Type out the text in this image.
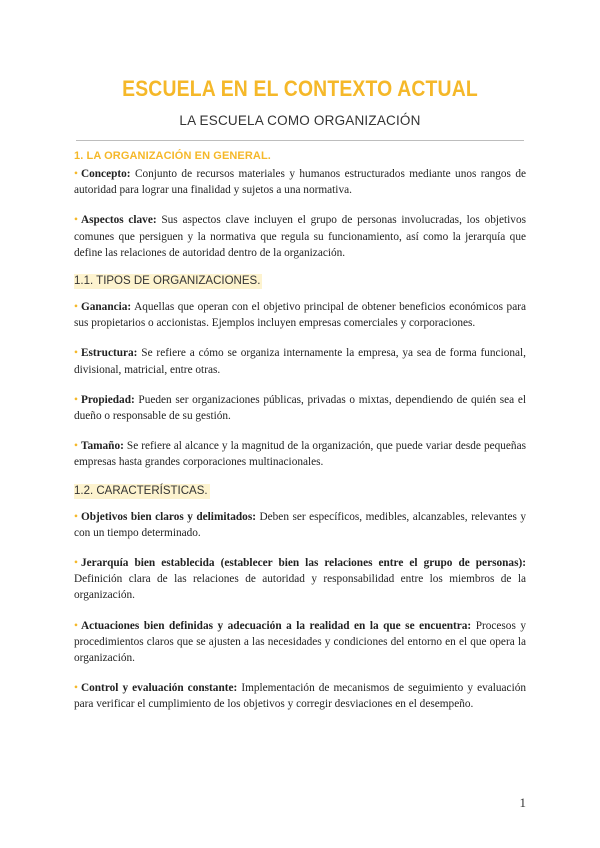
ESCUELA EN EL CONTEXTO ACTUAL
LA ESCUELA COMO ORGANIZACIÓN
1. LA ORGANIZACIÓN EN GENERAL.

• Concepto: Conjunto de recursos materiales y humanos estructurados mediante unos rangos de autoridad para lograr una finalidad y sujetos a una normativa.

• Aspectos clave: Sus aspectos clave incluyen el grupo de personas involucradas, los objetivos comunes que persiguen y la normativa que regula su funcionamiento, así como la jerarquía que define las relaciones de autoridad dentro de la organización.

1.1. TIPOS DE ORGANIZACIONES.

• Ganancia: Aquellas que operan con el objetivo principal de obtener beneficios económicos para sus propietarios o accionistas. Ejemplos incluyen empresas comerciales y corporaciones.

• Estructura: Se refiere a cómo se organiza internamente la empresa, ya sea de forma funcional, divisional, matricial, entre otras.

• Propiedad: Pueden ser organizaciones públicas, privadas o mixtas, dependiendo de quién sea el dueño o responsable de su gestión.

• Tamaño: Se refiere al alcance y la magnitud de la organización, que puede variar desde pequeñas empresas hasta grandes corporaciones multinacionales.

1.2. CARACTERÍSTICAS.

• Objetivos bien claros y delimitados: Deben ser específicos, medibles, alcanzables, relevantes y con un tiempo determinado.

• Jerarquía bien establecida (establecer bien las relaciones entre el grupo de personas): Definición clara de las relaciones de autoridad y responsabilidad entre los miembros de la organización.

• Actuaciones bien definidas y adecuación a la realidad en la que se encuentra: Procesos y procedimientos claros que se ajusten a las necesidades y condiciones del entorno en el que opera la organización.

• Control y evaluación constante: Implementación de mecanismos de seguimiento y evaluación para verificar el cumplimiento de los objetivos y corregir desviaciones en el desempeño.

1
